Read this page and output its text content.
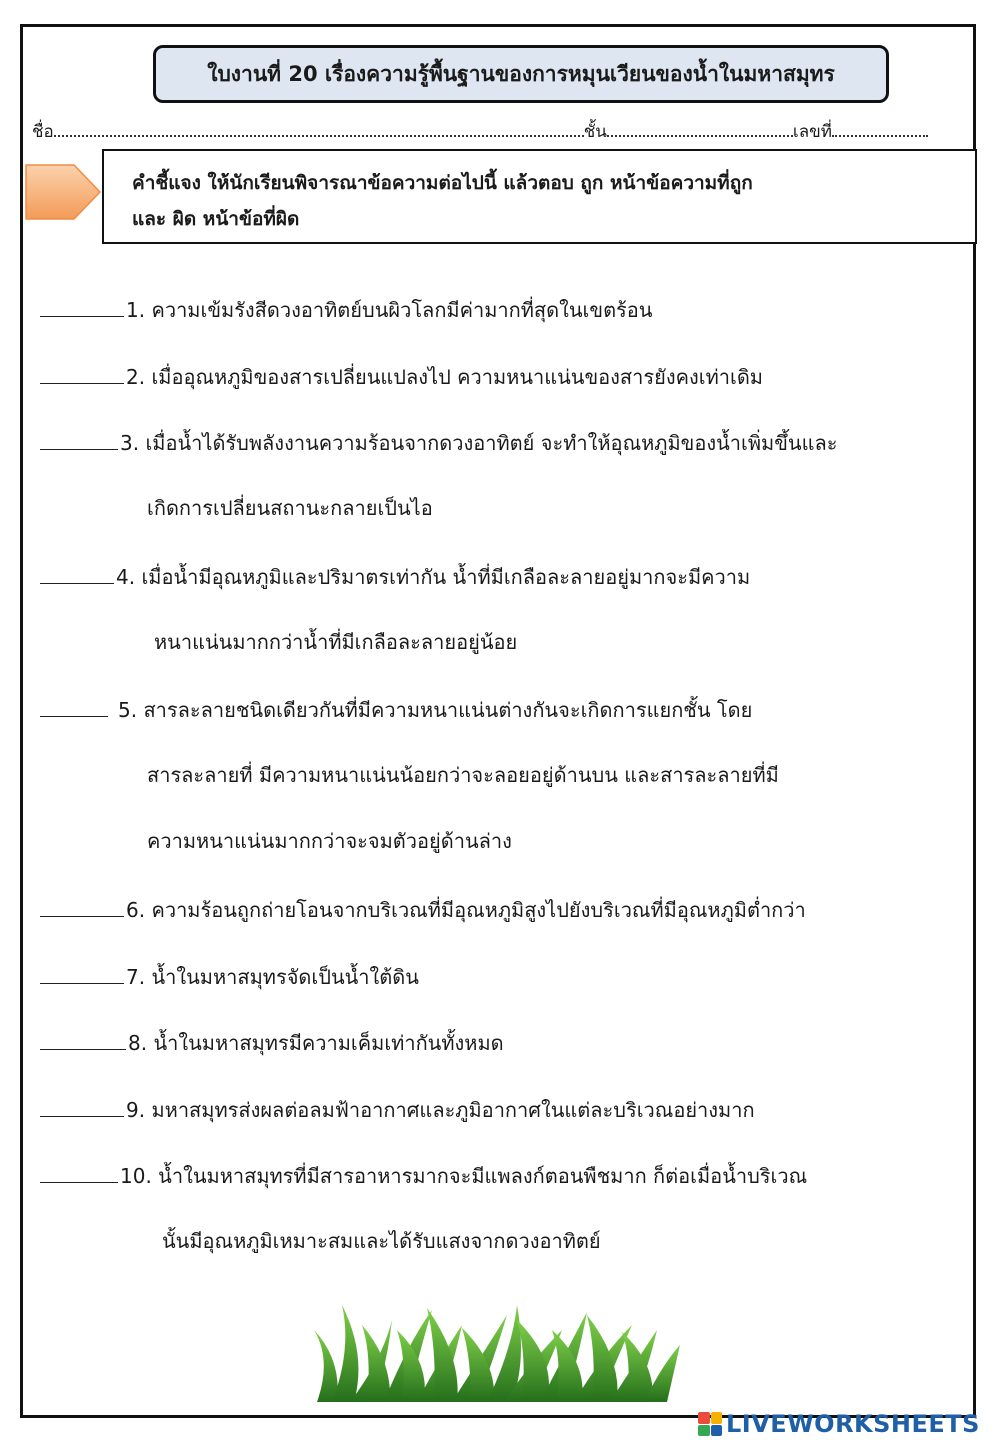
ใบงานที่ 20 เรื่องความรู้พื้นฐานของการหมุนเวียนของน้ำในมหาสมุทร
ชื่อ	ชั้น	เลขที่
คำชี้แจง ให้นักเรียนพิจารณาข้อความต่อไปนี้ แล้วตอบ ถูก หน้าข้อความที่ถูก
และ ผิด หน้าข้อที่ผิด
1. ความเข้มรังสีดวงอาทิตย์บนผิวโลกมีค่ามากที่สุดในเขตร้อน
2. เมื่ออุณหภูมิของสารเปลี่ยนแปลงไป ความหนาแน่นของสารยังคงเท่าเดิม
3. เมื่อน้ำได้รับพลังงานความร้อนจากดวงอาทิตย์ จะทำให้อุณหภูมิของน้ำเพิ่มขึ้นและ
เกิดการเปลี่ยนสถานะกลายเป็นไอ
4. เมื่อน้ำมีอุณหภูมิและปริมาตรเท่ากัน น้ำที่มีเกลือละลายอยู่มากจะมีความ
หนาแน่นมากกว่าน้ำที่มีเกลือละลายอยู่น้อย
5. สารละลายชนิดเดียวกันที่มีความหนาแน่นต่างกันจะเกิดการแยกชั้น โดย
สารละลายที่ มีความหนาแน่นน้อยกว่าจะลอยอยู่ด้านบน และสารละลายที่มี
ความหนาแน่นมากกว่าจะจมตัวอยู่ด้านล่าง
6. ความร้อนถูกถ่ายโอนจากบริเวณที่มีอุณหภูมิสูงไปยังบริเวณที่มีอุณหภูมิต่ำกว่า
7. น้ำในมหาสมุทรจัดเป็นน้ำใต้ดิน
8. น้ำในมหาสมุทรมีความเค็มเท่ากันทั้งหมด
9. มหาสมุทรส่งผลต่อลมฟ้าอากาศและภูมิอากาศในแต่ละบริเวณอย่างมาก
10. น้ำในมหาสมุทรที่มีสารอาหารมากจะมีแพลงก์ตอนพืชมาก ก็ต่อเมื่อน้ำบริเวณ
นั้นมีอุณหภูมิเหมาะสมและได้รับแสงจากดวงอาทิตย์
LIVEWORKSHEETS
